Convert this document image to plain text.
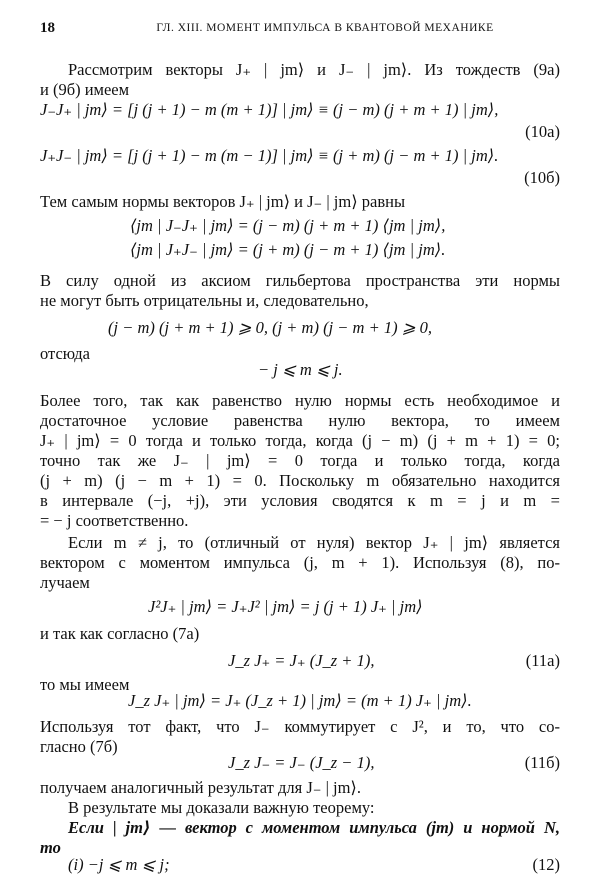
18	ГЛ. XIII. МОМЕНТ ИМПУЛЬСА В КВАНТОВОЙ МЕХАНИКЕ
Рассмотрим векторы J₊ | jm⟩ и J₋ | jm⟩. Из тождеств (9а)
и (9б) имеем
J₋J₊ | jm⟩ = [j (j + 1) − m (m + 1)] | jm⟩ ≡ (j − m) (j + m + 1) | jm⟩,
(10а)
J₊J₋ | jm⟩ = [j (j + 1) − m (m − 1)] | jm⟩ ≡ (j + m) (j − m + 1) | jm⟩.
(10б)
Тем самым нормы векторов J₊ | jm⟩ и J₋ | jm⟩ равны
⟨jm | J₋J₊ | jm⟩ = (j − m) (j + m + 1) ⟨jm | jm⟩,
⟨jm | J₊J₋ | jm⟩ = (j + m) (j − m + 1) ⟨jm | jm⟩.
В силу одной из аксиом гильбертова пространства эти нормы
не могут быть отрицательны и, следовательно,
(j − m) (j + m + 1) ⩾ 0, (j + m) (j − m + 1) ⩾ 0,
отсюда
− j ⩽ m ⩽ j.
Более того, так как равенство нулю нормы есть необходимое и
достаточное условие равенства нулю вектора, то имеем
J₊ | jm⟩ = 0 тогда и только тогда, когда (j − m) (j + m + 1) = 0;
точно так же J₋ | jm⟩ = 0 тогда и только тогда, когда
(j + m) (j − m + 1) = 0. Поскольку m обязательно находится
в интервале (−j, +j), эти условия сводятся к m = j и m =
= − j соответственно.
Если m ≠ j, то (отличный от нуля) вектор J₊ | jm⟩ является
вектором с моментом импульса (j, m + 1). Используя (8), по-
лучаем
J²J₊ | jm⟩ = J₊J² | jm⟩ = j (j + 1) J₊ | jm⟩
и так как согласно (7а)
J_z J₊ = J₊ (J_z + 1),	(11а)
то мы имеем
J_z J₊ | jm⟩ = J₊ (J_z + 1) | jm⟩ = (m + 1) J₊ | jm⟩.
Используя тот факт, что J₋ коммутирует с J², и то, что со-
гласно (7б)
J_z J₋ = J₋ (J_z − 1),	(11б)
получаем аналогичный результат для J₋ | jm⟩.
В результате мы доказали важную теорему:
Если | jm⟩ — вектор с моментом импульса (jm) и нормой N,
то
(i) −j ⩽ m ⩽ j;	(12)
